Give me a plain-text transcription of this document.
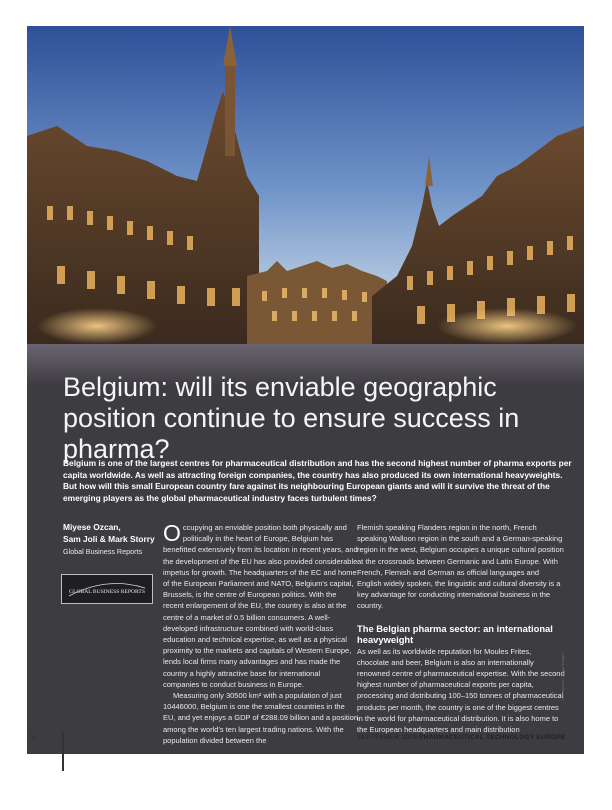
Belgium: will its enviable geographic position continue to ensure success in pharma?

Belgium is one of the largest centres for pharmaceutical distribution and has the second highest number of pharma exports per capita worldwide. As well as attracting foreign companies, the country has also produced its own international heavyweights. But how will this small European country fare against its neighbouring European giants and will it survive the threat of the emerging players as the global pharmaceutical industry faces turbulent times?

Miyese Ozcan,
Sam Joli & Mark Storry
Global Business Reports
GLOBAL BUSINESS REPORTS

Occupying an enviable position both physically and politically in the heart of Europe, Belgium has benefitted extensively from its location in recent years, and the development of the EU has also provided considerable impetus for growth. The headquarters of the EC and home of the European Parliament and NATO, Belgium's capital, Brussels, is the centre of European politics. With the recent enlargement of the EU, the country is also at the centre of a market of 0.5 billion consumers. A well-developed infrastructure combined with world-class education and technical expertise, as well as a physical proximity to the markets and capitals of Western Europe, lends local firms many advantages and has made the country a highly attractive base for international companies to conduct business in Europe.

Measuring only 30500 km² with a population of just 10446000, Belgium is one the smallest countries in the EU, and yet enjoys a GDP of €288.09 billion and a position among the world's ten largest trading nations. With the population divided between the

Flemish speaking Flanders region in the north, French speaking Walloon region in the south and a German-speaking region in the west, Belgium occupies a unique cultural position at the crossroads between Germanic and Latin Europe. With French, Flemish and German as official languages and English widely spoken, the linguistic and cultural diversity is a key advantage for conducting international business in the country.

The Belgian pharma sector: an international heavyweight

As well as its worldwide reputation for Moules Frites, chocolate and beer, Belgium is also an internationally renowned centre of pharmaceutical expertise. With the second highest number of pharmaceutical exports per capita, processing and distributing 100–150 tonnes of pharmaceutical products per month, the country is one of the biggest centres in the world for pharmaceutical distribution. It is also home to the European headquarters and main distribution

Stockphoto / Getty Images
74	SEPTEMBER 2009 PHARMACEUTICAL TECHNOLOGY EUROPE
